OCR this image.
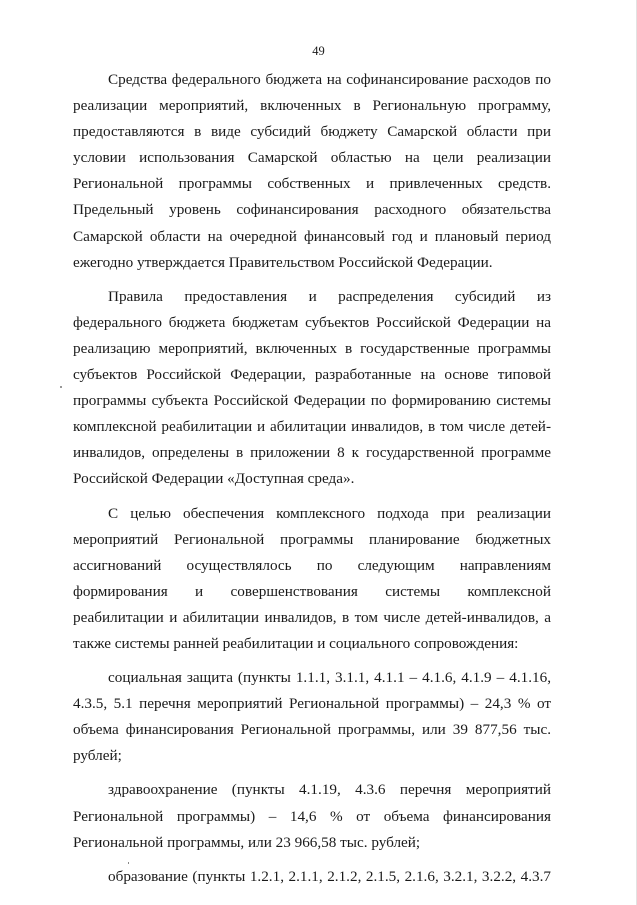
49

Средства федерального бюджета на софинансирование расходов по реализации мероприятий, включенных в Региональную программу, предоставляются в виде субсидий бюджету Самарской области при условии использования Самарской областью на цели реализации Региональной программы собственных и привлеченных средств. Предельный уровень софинансирования расходного обязательства Самарской области на очередной финансовый год и плановый период ежегодно утверждается Правительством Российской Федерации.

Правила предоставления и распределения субсидий из федерального бюджета бюджетам субъектов Российской Федерации на реализацию мероприятий, включенных в государственные программы субъектов Российской Федерации, разработанные на основе типовой программы субъекта Российской Федерации по формированию системы комплексной реабилитации и абилитации инвалидов, в том числе детей-инвалидов, определены в приложении 8 к государственной программе Российской Федерации «Доступная среда».

С целью обеспечения комплексного подхода при реализации мероприятий Региональной программы планирование бюджетных ассигнований осуществлялось по следующим направлениям формирования и совершенствования системы комплексной реабилитации и абилитации инвалидов, в том числе детей-инвалидов, а также системы ранней реабилитации и социального сопровождения:

социальная защита (пункты 1.1.1, 3.1.1, 4.1.1 – 4.1.6, 4.1.9 – 4.1.16, 4.3.5, 5.1 перечня мероприятий Региональной программы) – 24,3 % от объема финансирования Региональной программы, или 39 877,56 тыс. рублей;

здравоохранение (пункты 4.1.19, 4.3.6 перечня мероприятий Региональной программы) – 14,6 % от объема финансирования Региональной программы, или 23 966,58 тыс. рублей;

образование (пункты 1.2.1, 2.1.1, 2.1.2, 2.1.5, 2.1.6, 3.2.1, 3.2.2, 4.3.7
